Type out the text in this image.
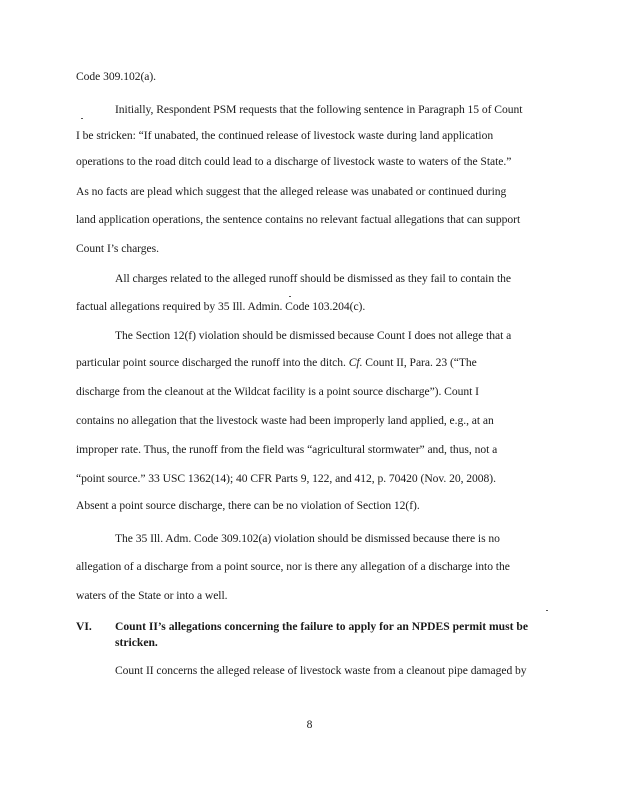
Code 309.102(a).
Initially, Respondent PSM requests that the following sentence in Paragraph 15 of Count
I be stricken: “If unabated, the continued release of livestock waste during land application
operations to the road ditch could lead to a discharge of livestock waste to waters of the State.”
As no facts are plead which suggest that the alleged release was unabated or continued during
land application operations, the sentence contains no relevant factual allegations that can support
Count I’s charges.
All charges related to the alleged runoff should be dismissed as they fail to contain the
factual allegations required by 35 Ill. Admin. Code 103.204(c).
The Section 12(f) violation should be dismissed because Count I does not allege that a
particular point source discharged the runoff into the ditch. Cf. Count II, Para. 23 (“The
discharge from the cleanout at the Wildcat facility is a point source discharge”). Count I
contains no allegation that the livestock waste had been improperly land applied, e.g., at an
improper rate. Thus, the runoff from the field was “agricultural stormwater” and, thus, not a
“point source.” 33 USC 1362(14); 40 CFR Parts 9, 122, and 412, p. 70420 (Nov. 20, 2008).
Absent a point source discharge, there can be no violation of Section 12(f).
The 35 Ill. Adm. Code 309.102(a) violation should be dismissed because there is no
allegation of a discharge from a point source, nor is there any allegation of a discharge into the
waters of the State or into a well.
VI. Count II’s allegations concerning the failure to apply for an NPDES permit must be
stricken.
Count II concerns the alleged release of livestock waste from a cleanout pipe damaged by
8
